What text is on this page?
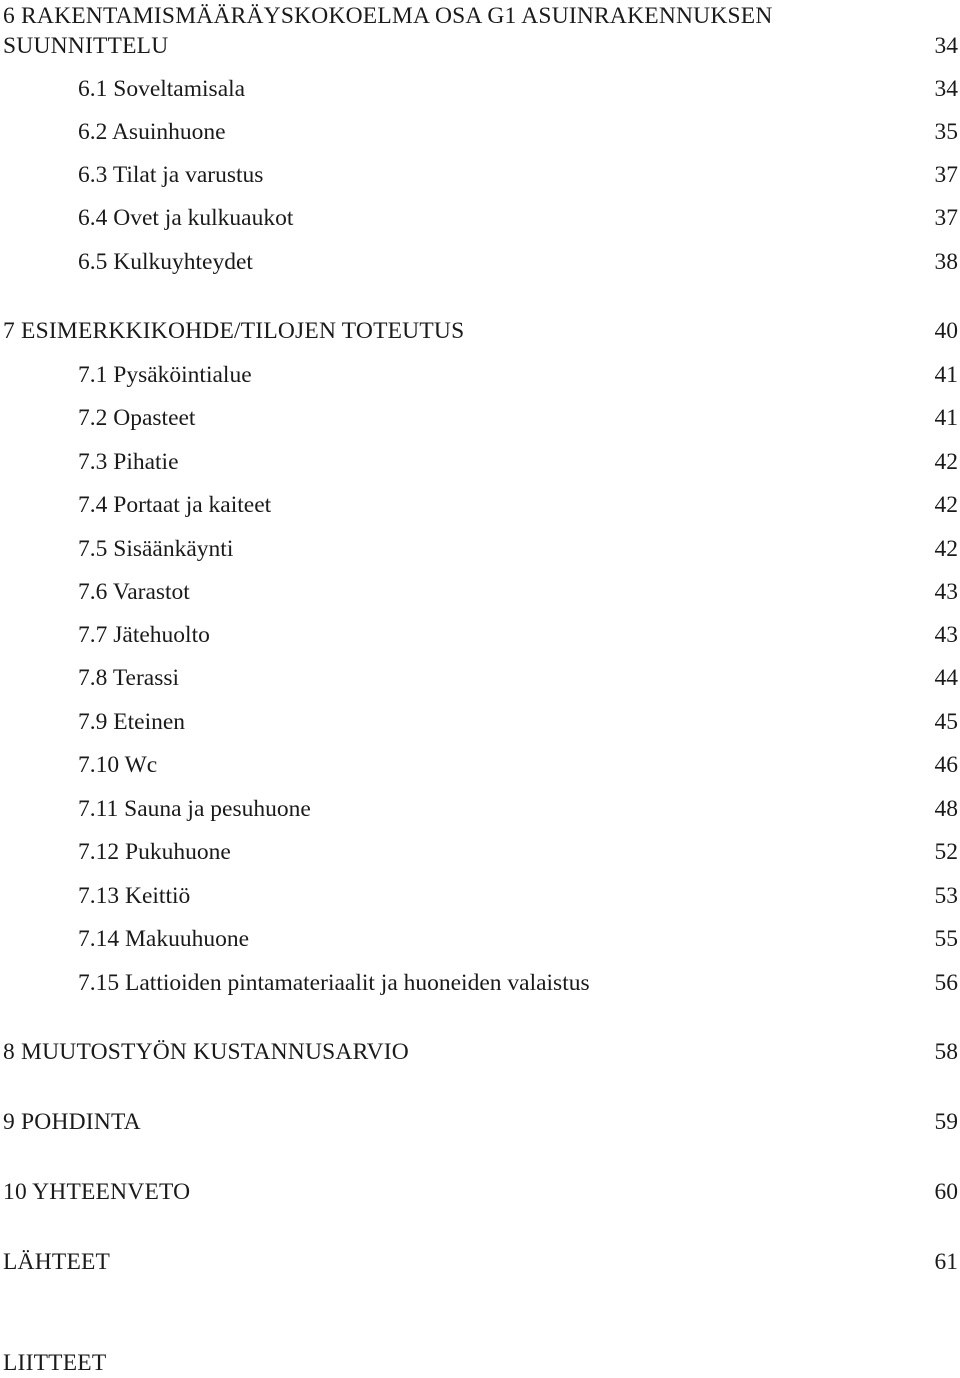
6 RAKENTAMISMÄÄRÄYSKOKOELMA OSA G1 ASUINRAKENNUKSEN
SUUNNITTELU	34
6.1 Soveltamisala	34
6.2 Asuinhuone	35
6.3 Tilat ja varustus	37
6.4 Ovet ja kulkuaukot	37
6.5 Kulkuyhteydet	38
7 ESIMERKKIKOHDE/TILOJEN TOTEUTUS	40
7.1 Pysäköintialue	41
7.2 Opasteet	41
7.3 Pihatie	42
7.4 Portaat ja kaiteet	42
7.5 Sisäänkäynti	42
7.6 Varastot	43
7.7 Jätehuolto	43
7.8 Terassi	44
7.9 Eteinen	45
7.10 Wc	46
7.11 Sauna ja pesuhuone	48
7.12 Pukuhuone	52
7.13 Keittiö	53
7.14 Makuuhuone	55
7.15 Lattioiden pintamateriaalit ja huoneiden valaistus	56
8 MUUTOSTYÖN KUSTANNUSARVIO	58
9 POHDINTA	59
10 YHTEENVETO	60
LÄHTEET	61
LIITTEET
